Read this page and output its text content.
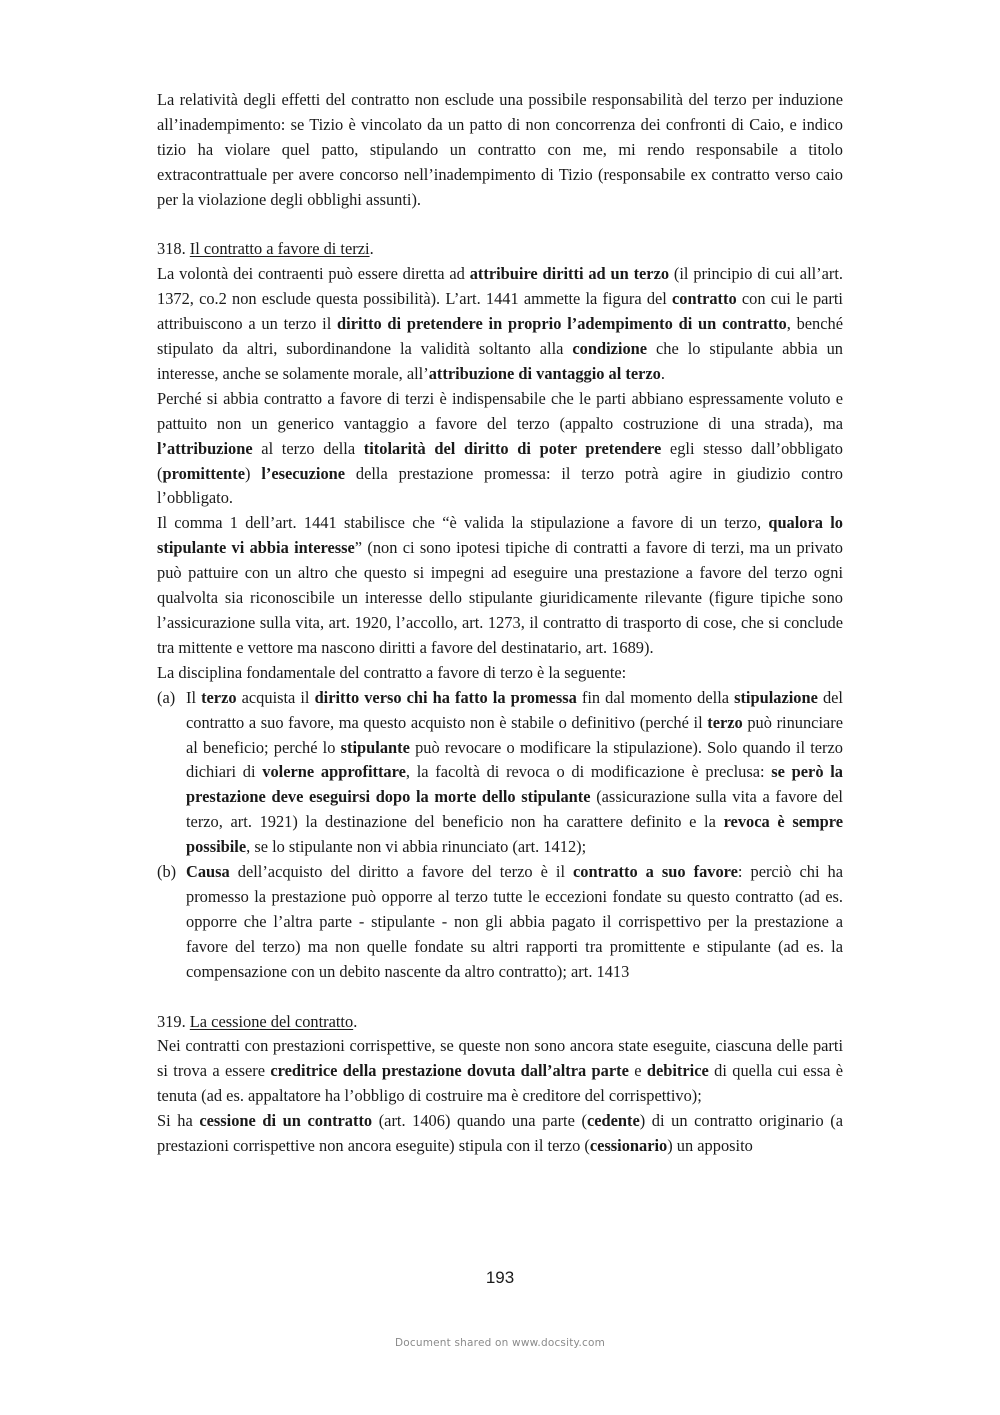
La relatività degli effetti del contratto non esclude una possibile responsabilità del terzo per induzione all’inadempimento: se Tizio è vincolato da un patto di non concorrenza dei confronti di Caio, e indico tizio ha violare quel patto, stipulando un contratto con me, mi rendo responsabile a titolo extracontrattuale per avere concorso nell’inadempimento di Tizio (responsabile ex contratto verso caio per la violazione degli obblighi assunti).

318. Il contratto a favore di terzi.

La volontà dei contraenti può essere diretta ad attribuire diritti ad un terzo (il principio di cui all’art. 1372, co.2 non esclude questa possibilità). L’art. 1441 ammette la figura del contratto con cui le parti attribuiscono a un terzo il diritto di pretendere in proprio l’adempimento di un contratto, benché stipulato da altri, subordinandone la validità soltanto alla condizione che lo stipulante abbia un interesse, anche se solamente morale, all’attribuzione di vantaggio al terzo.

Perché si abbia contratto a favore di terzi è indispensabile che le parti abbiano espressamente voluto e pattuito non un generico vantaggio a favore del terzo (appalto costruzione di una strada), ma l’attribuzione al terzo della titolarità del diritto di poter pretendere egli stesso dall’obbligato (promittente) l’esecuzione della prestazione promessa: il terzo potrà agire in giudizio contro l’obbligato.

Il comma 1 dell’art. 1441 stabilisce che “è valida la stipulazione a favore di un terzo, qualora lo stipulante vi abbia interesse” (non ci sono ipotesi tipiche di contratti a favore di terzi, ma un privato può pattuire con un altro che questo si impegni ad eseguire una prestazione a favore del terzo ogni qualvolta sia riconoscibile un interesse dello stipulante giuridicamente rilevante (figure tipiche sono l’assicurazione sulla vita, art. 1920, l’accollo, art. 1273, il contratto di trasporto di cose, che si conclude tra mittente e vettore ma nascono diritti a favore del destinatario, art. 1689).

La disciplina fondamentale del contratto a favore di terzo è la seguente:

(a) Il terzo acquista il diritto verso chi ha fatto la promessa fin dal momento della stipulazione del contratto a suo favore, ma questo acquisto non è stabile o definitivo (perché il terzo può rinunciare al beneficio; perché lo stipulante può revocare o modificare la stipulazione). Solo quando il terzo dichiari di volerne approfittare, la facoltà di revoca o di modificazione è preclusa: se però la prestazione deve eseguirsi dopo la morte dello stipulante (assicurazione sulla vita a favore del terzo, art. 1921) la destinazione del beneficio non ha carattere definito e la revoca è sempre possibile, se lo stipulante non vi abbia rinunciato (art. 1412);
(b) Causa dell’acquisto del diritto a favore del terzo è il contratto a suo favore: perciò chi ha promesso la prestazione può opporre al terzo tutte le eccezioni fondate su questo contratto (ad es. opporre che l’altra parte - stipulante - non gli abbia pagato il corrispettivo per la prestazione a favore del terzo) ma non quelle fondate su altri rapporti tra promittente e stipulante (ad es. la compensazione con un debito nascente da altro contratto); art. 1413

319. La cessione del contratto.

Nei contratti con prestazioni corrispettive, se queste non sono ancora state eseguite, ciascuna delle parti si trova a essere creditrice della prestazione dovuta dall’altra parte e debitrice di quella cui essa è tenuta (ad es. appaltatore ha l’obbligo di costruire ma è creditore del corrispettivo);

Si ha cessione di un contratto (art. 1406) quando una parte (cedente) di un contratto originario (a prestazioni corrispettive non ancora eseguite) stipula con il terzo (cessionario) un apposito

193
Document shared on www.docsity.com
